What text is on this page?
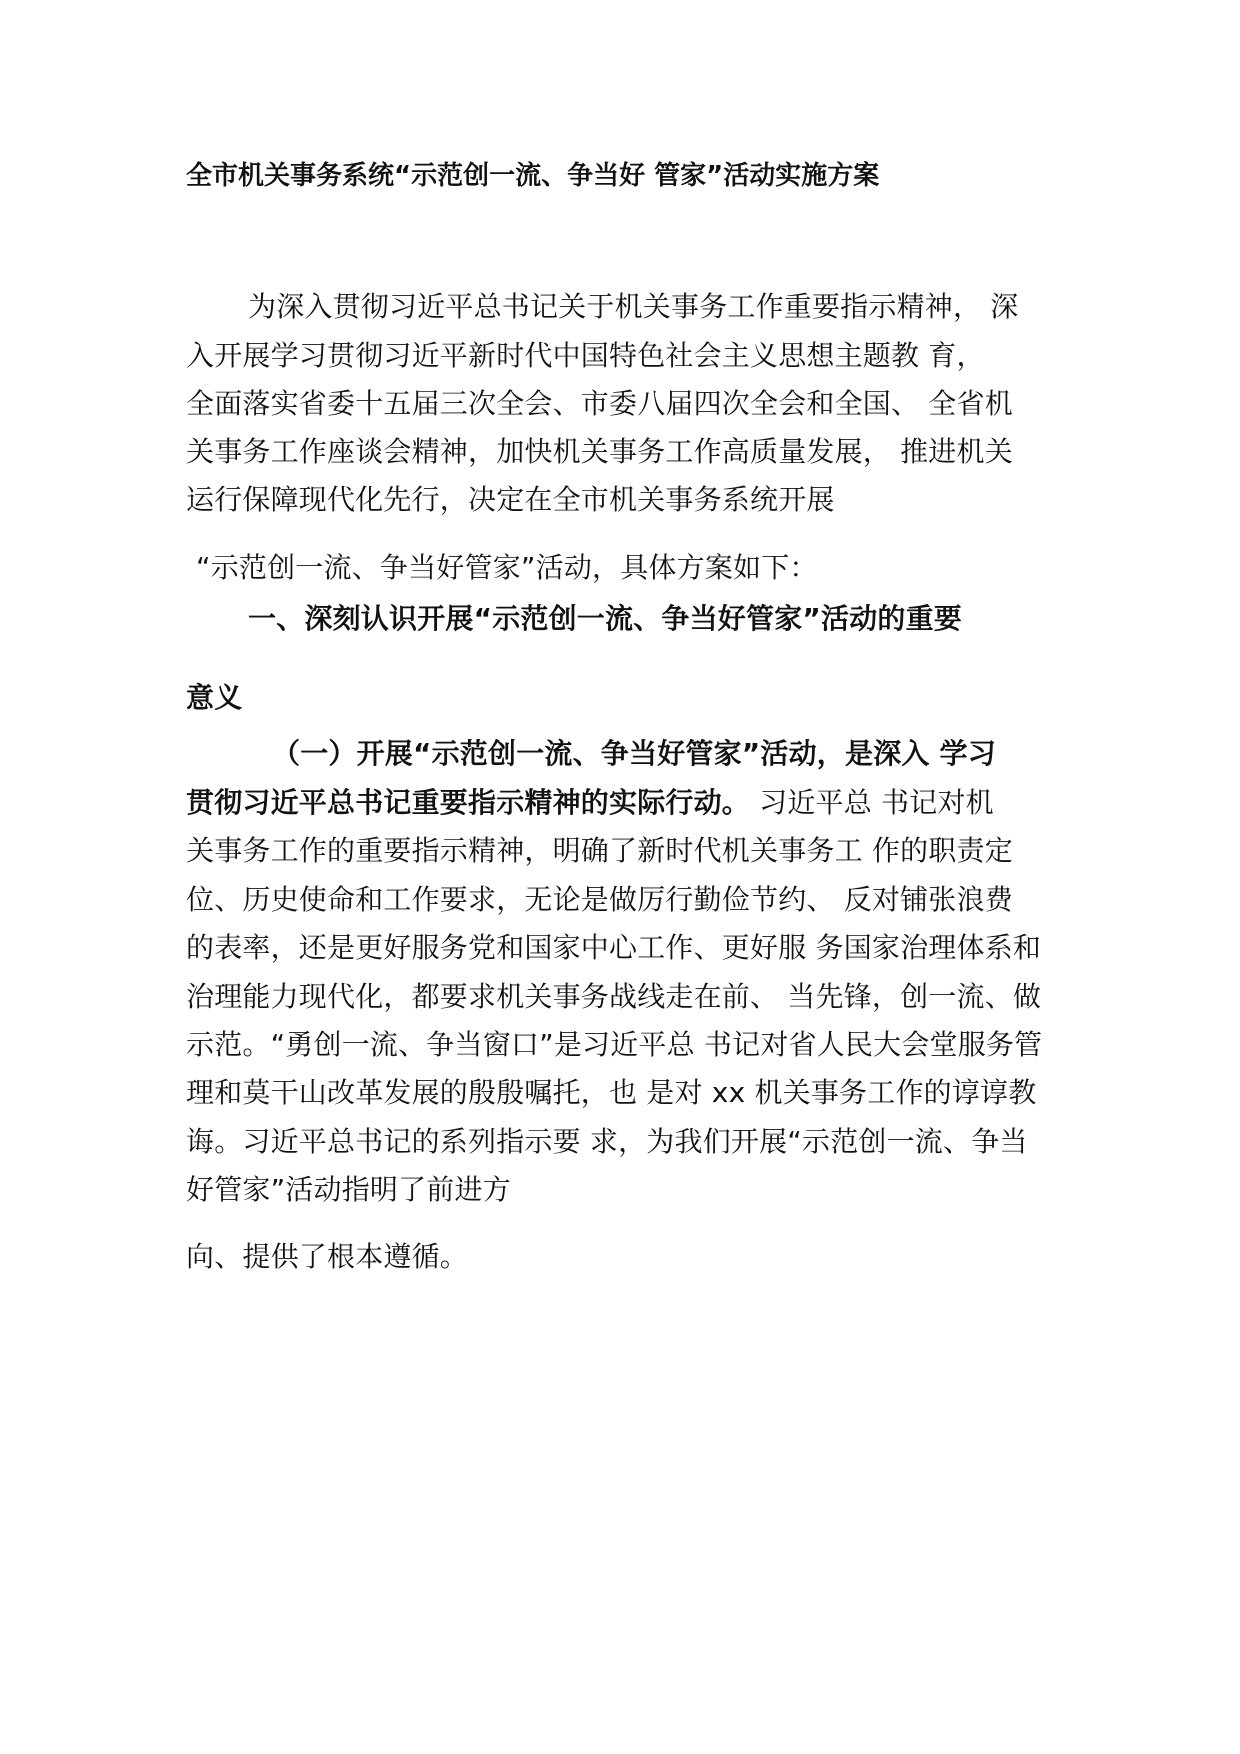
全市机关事务系统“示范创一流、争当好 管家”活动实施方案
为深入贯彻习近平总书记关于机关事务工作重要指示精神， 深
入开展学习贯彻习近平新时代中国特色社会主义思想主题教 育，
全面落实省委十五届三次全会、市委八届四次全会和全国、 全省机
关事务工作座谈会精神，加快机关事务工作高质量发展， 推进机关
运行保障现代化先行，决定在全市机关事务系统开展
“示范创一流、争当好管家”活动，具体方案如下：
一、深刻认识开展“示范创一流、争当好管家”活动的重要
意义
（一）开展“示范创一流、争当好管家”活动，是深入 学习
贯彻习近平总书记重要指示精神的实际行动。 习近平总 书记对机
关事务工作的重要指示精神，明确了新时代机关事务工 作的职责定
位、历史使命和工作要求，无论是做厉行勤俭节约、 反对铺张浪费
的表率，还是更好服务党和国家中心工作、更好服 务国家治理体系和
治理能力现代化，都要求机关事务战线走在前、 当先锋，创一流、做
示范。“勇创一流、争当窗口”是习近平总 书记对省人民大会堂服务管
理和莫干山改革发展的殷殷嘱托，也 是对 xx 机关事务工作的谆谆教
诲。习近平总书记的系列指示要 求，为我们开展“示范创一流、争当
好管家”活动指明了前进方
向、提供了根本遵循。
